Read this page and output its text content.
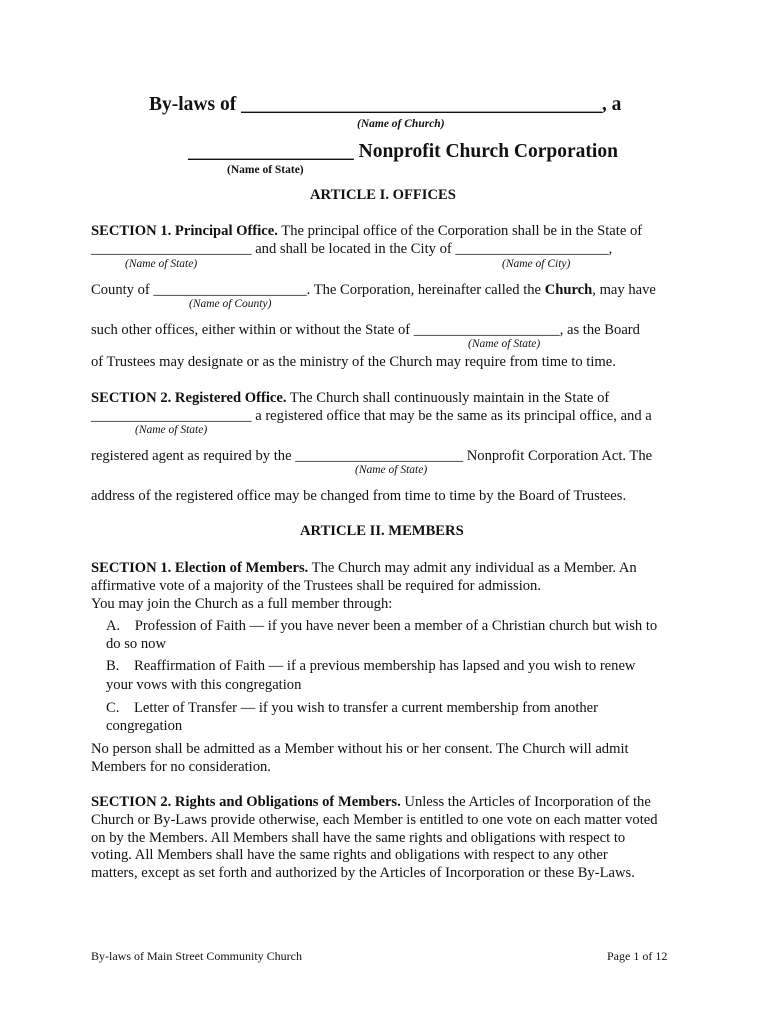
By-laws of _____________________________________, a
(Name of Church)
_________________ Nonprofit Church Corporation
(Name of State)
ARTICLE I. OFFICES
SECTION 1. Principal Office. The principal office of the Corporation shall be in the State of
______________________ and shall be located in the City of _____________________,
(Name of State)	(Name of City)
County of _____________________. The Corporation, hereinafter called the Church, may have
(Name of County)
such other offices, either within or without the State of ____________________, as the Board
(Name of State)
of Trustees may designate or as the ministry of the Church may require from time to time.
SECTION 2. Registered Office. The Church shall continuously maintain in the State of
______________________ a registered office that may be the same as its principal office, and a
(Name of State)
registered agent as required by the _______________________ Nonprofit Corporation Act. The
(Name of State)
address of the registered office may be changed from time to time by the Board of Trustees.
ARTICLE II. MEMBERS
SECTION 1. Election of Members. The Church may admit any individual as a Member. An
affirmative vote of a majority of the Trustees shall be required for admission.
You may join the Church as a full member through:
A. Profession of Faith — if you have never been a member of a Christian church but wish to
do so now
B. Reaffirmation of Faith — if a previous membership has lapsed and you wish to renew
your vows with this congregation
C. Letter of Transfer — if you wish to transfer a current membership from another
congregation
No person shall be admitted as a Member without his or her consent. The Church will admit
Members for no consideration.
SECTION 2. Rights and Obligations of Members. Unless the Articles of Incorporation of the
Church or By-Laws provide otherwise, each Member is entitled to one vote on each matter voted
on by the Members. All Members shall have the same rights and obligations with respect to
voting. All Members shall have the same rights and obligations with respect to any other
matters, except as set forth and authorized by the Articles of Incorporation or these By-Laws.
By-laws of Main Street Community Church	Page 1 of 12
